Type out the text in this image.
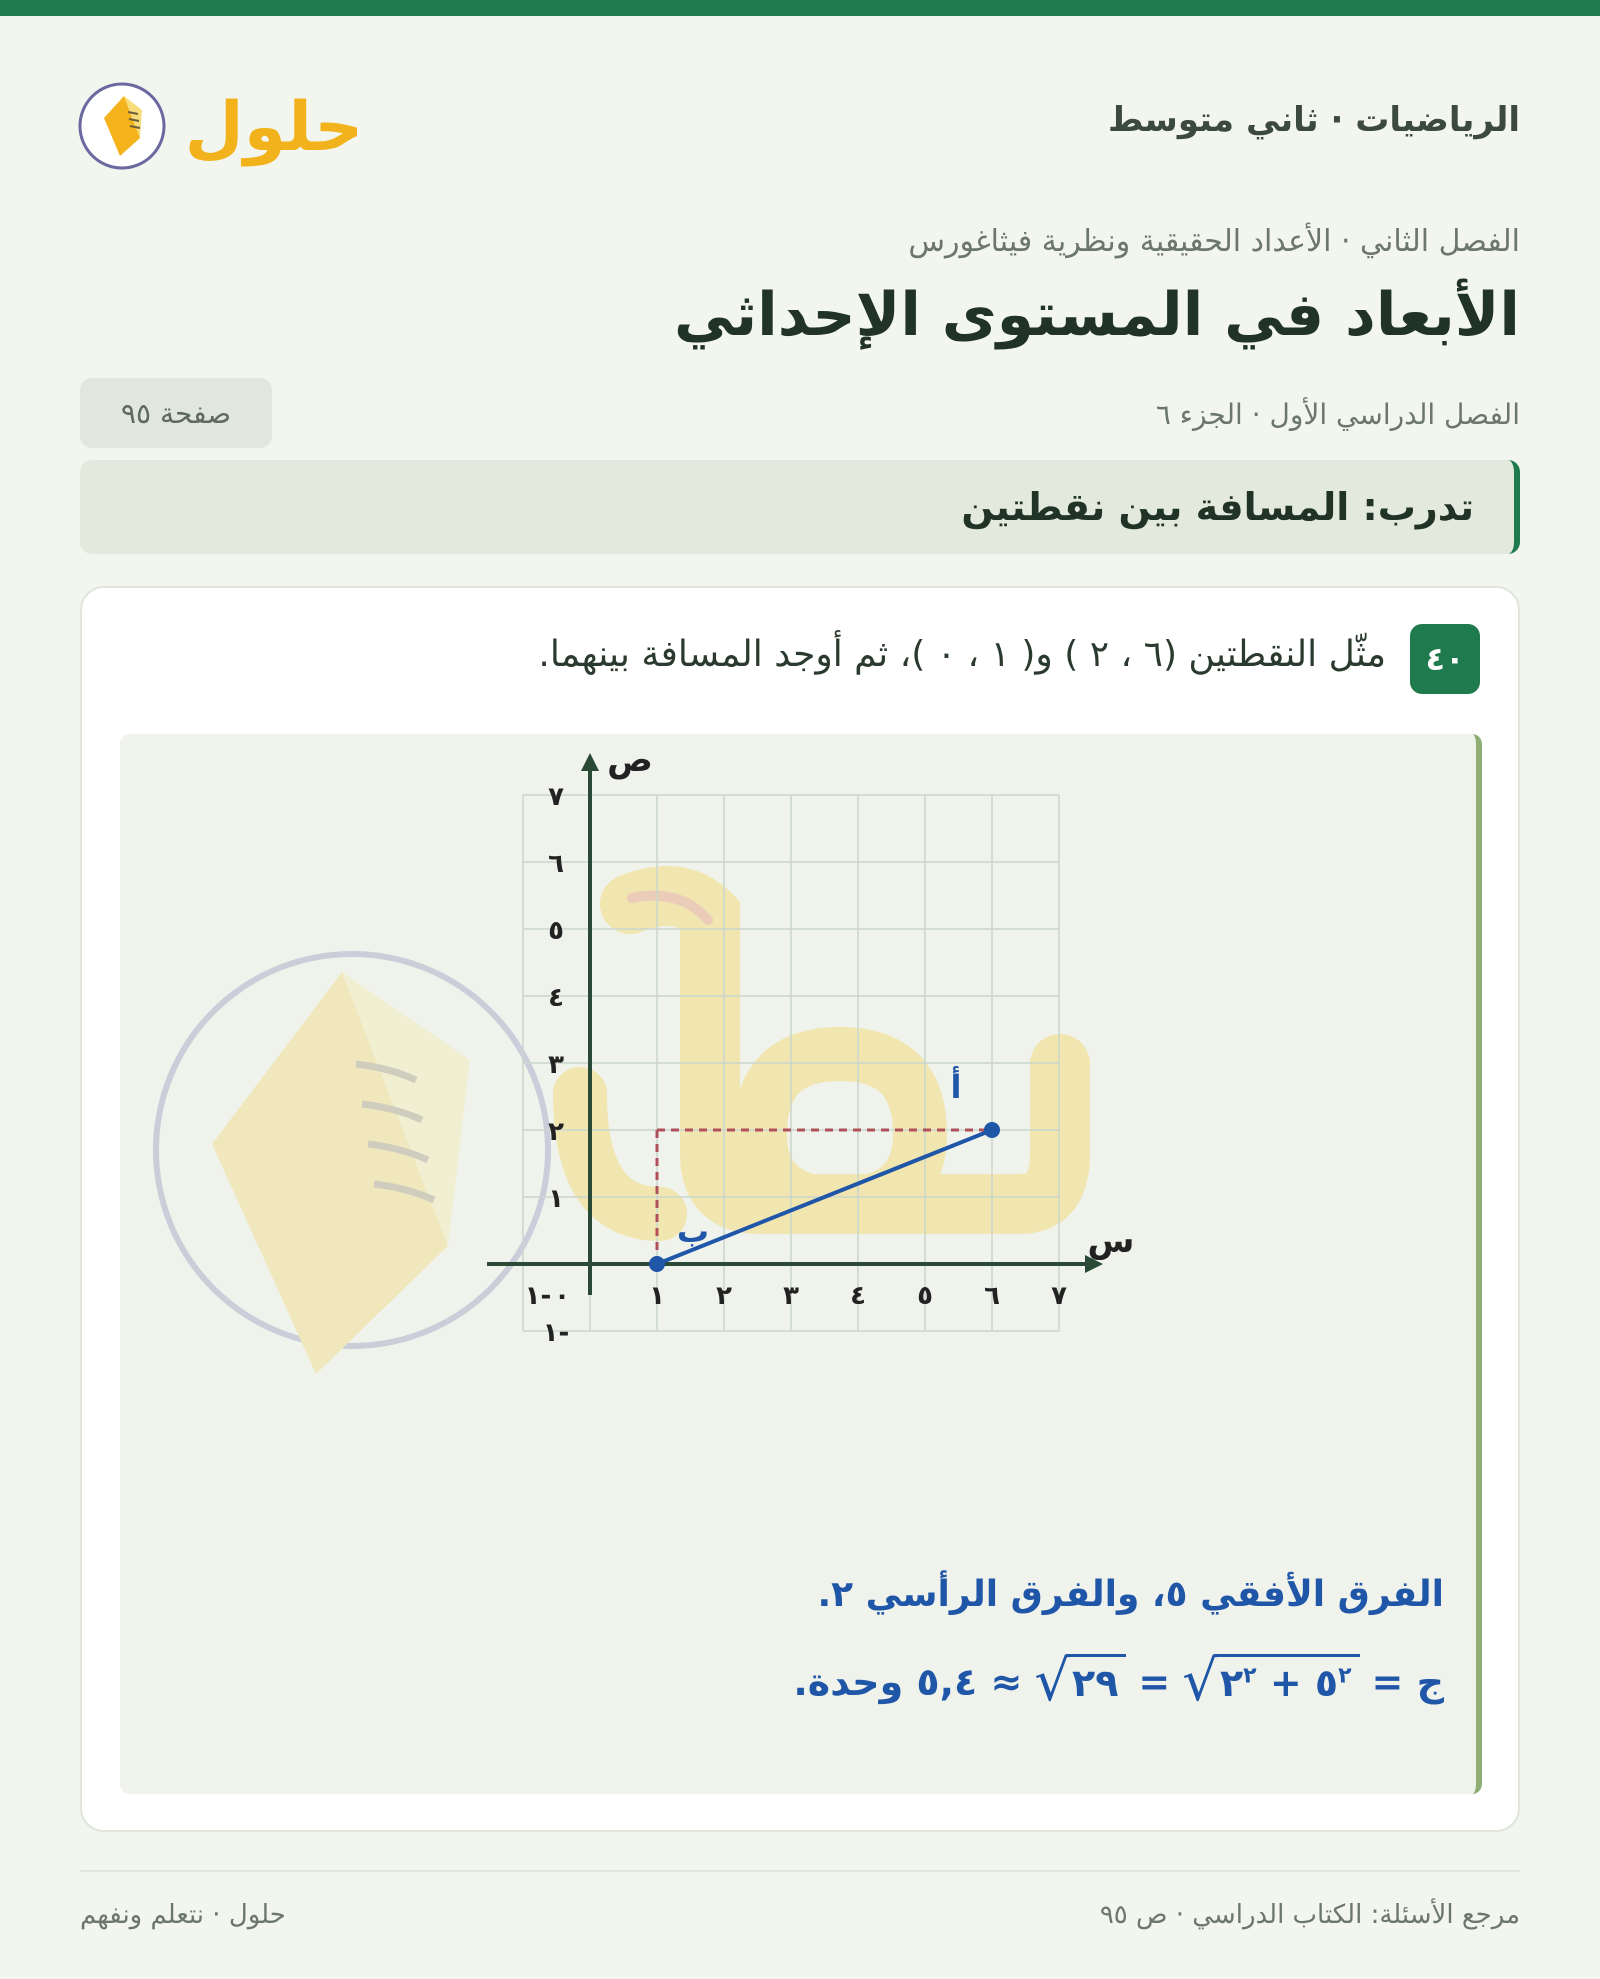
الرياضيات · ثاني متوسط
حلول
الفصل الثاني · الأعداد الحقيقية ونظرية فيثاغورس
الأبعاد في المستوى الإحداثي
الفصل الدراسي الأول · الجزء ٦
صفحة ٩٥
تدرب: المسافة بين نقطتين
٤٠
مثّل النقطتين (٦ ، ٢ ) و( ١ ، ٠ )، ثم أوجد المسافة بينهما.
س
ص
-١ ٠	١ ٢ ٣ ٤ ٥ ٦ ٧
-١
١
٢
٣
٤
٥
٦
٧
أ
ب
الفرق الأفقي ٥، والفرق الرأسي ٢.
ج =
√	$٥^٢$ + $٢^٢$
=
√ ٢٩
≈ ٥,٤ وحدة.
مرجع الأسئلة: الكتاب الدراسي · ص ٩٥
حلول · نتعلم ونفهم
